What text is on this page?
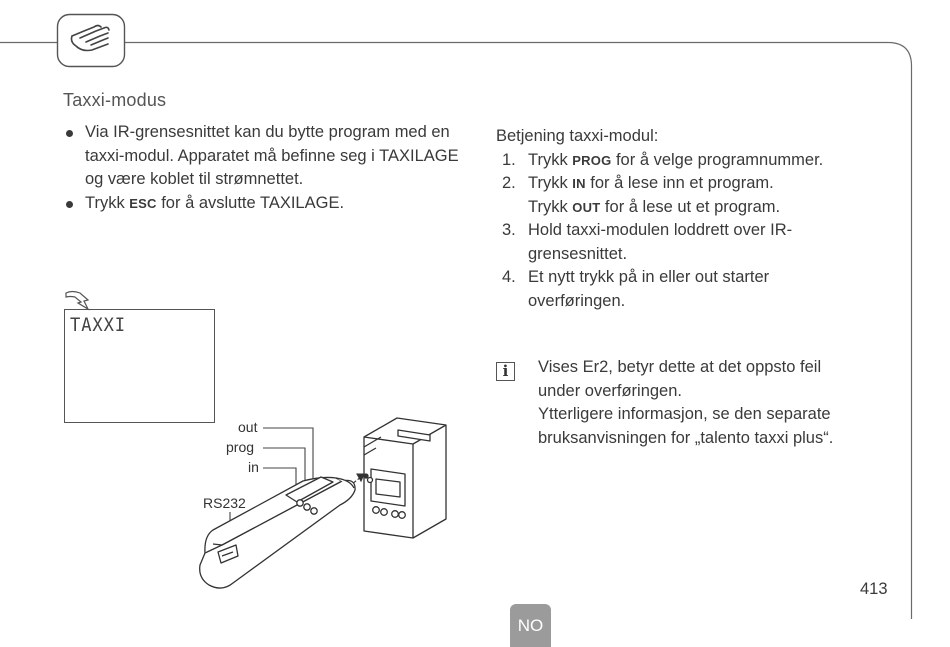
Taxxi-modus
Via IR-grensesnittet kan du bytte program med en taxxi-modul. Apparatet må befinne seg i TAXILAGE og være koblet til strømnettet.
Trykk ESC for å avslutte TAXILAGE.

Betjening taxxi-modul:

1. Trykk PROG for å velge programnummer.
2. Trykk IN for å lese inn et program.
Trykk OUT for å lese ut et program.
3. Hold taxxi-modulen loddrett over IR-grensesnittet.
4. Et nytt trykk på in eller out starter overføringen.
i	Vises Er2, betyr dette at det oppsto feil under overføringen.
Ytterligere informasjon, se den separate bruksanvisningen for „talento taxxi plus“.
TAXXI
out
prog
in
RS232
413
NO
